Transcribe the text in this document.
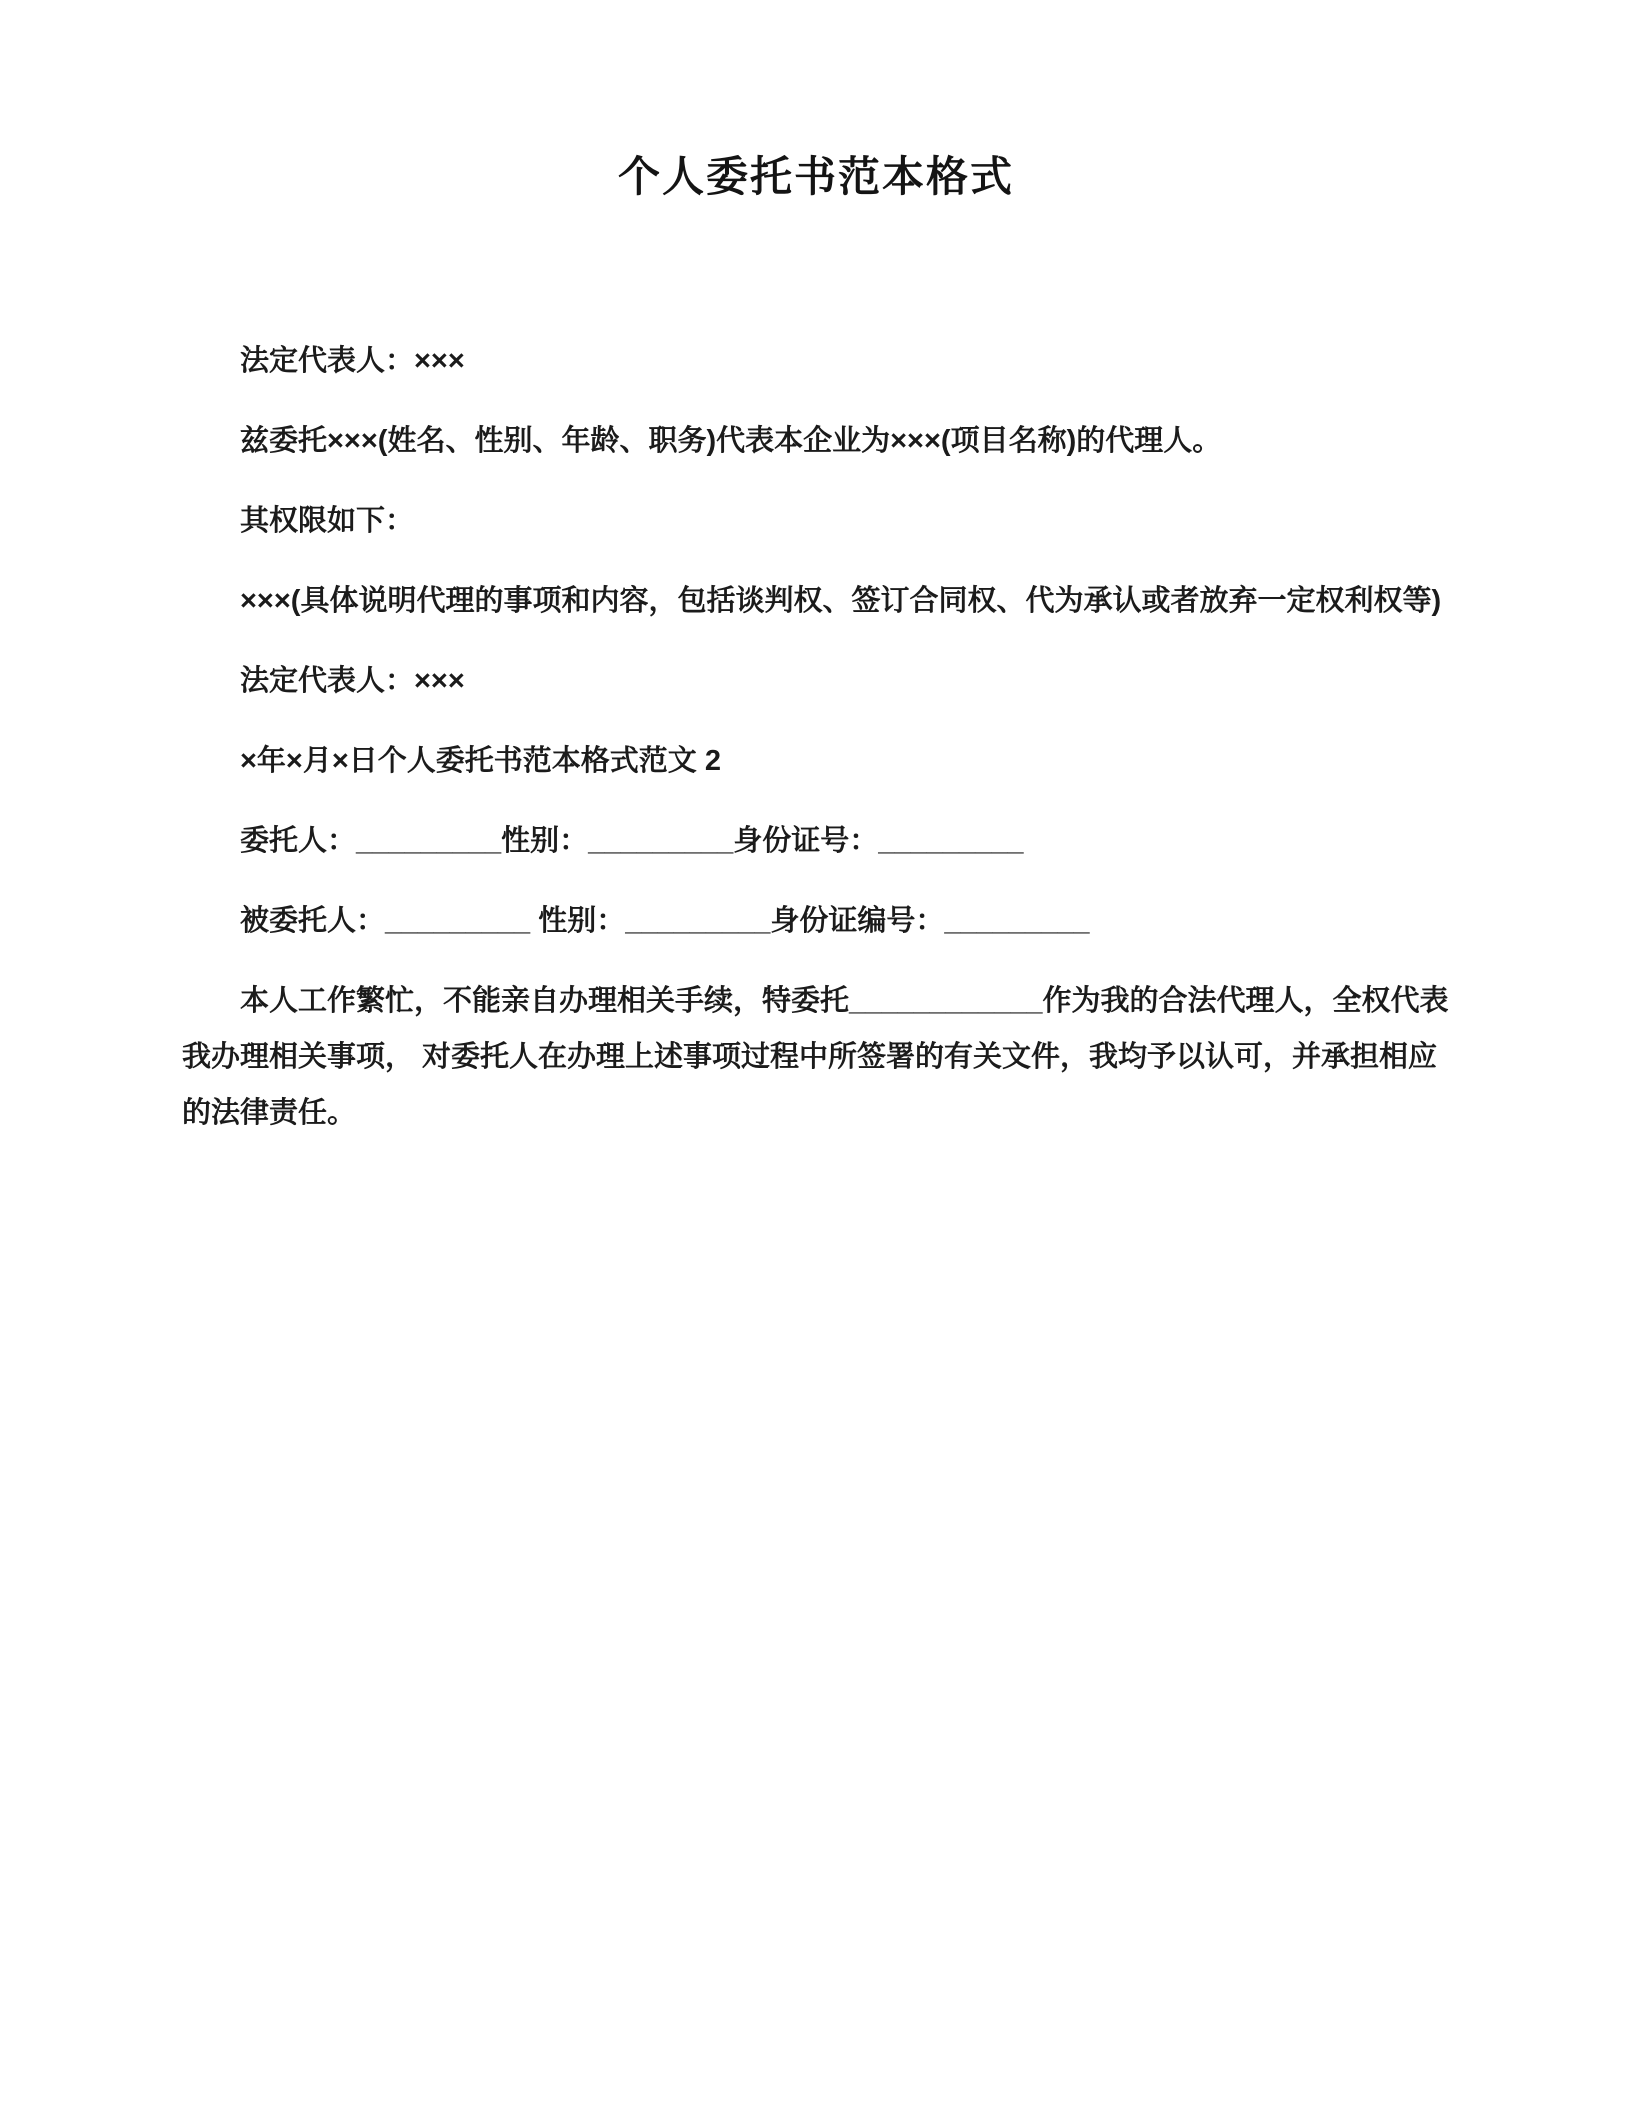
个人委托书范本格式

法定代表人：×××

兹委托×××(姓名、性别、年龄、职务)代表本企业为×××(项目名称)的代理人。

其权限如下：

×××(具体说明代理的事项和内容，包括谈判权、签订合同权、代为承认或者放弃一定权利权等)

法定代表人：×××

×年×月×日个人委托书范本格式范文 2

委托人：_________性别：_________身份证号：_________

被委托人：_________ 性别：_________身份证编号：_________

本人工作繁忙，不能亲自办理相关手续，特委托____________作为我的合法代理人，全权代表我办理相关事项， 对委托人在办理上述事项过程中所签署的有关文件，我均予以认可，并承担相应的法律责任。
